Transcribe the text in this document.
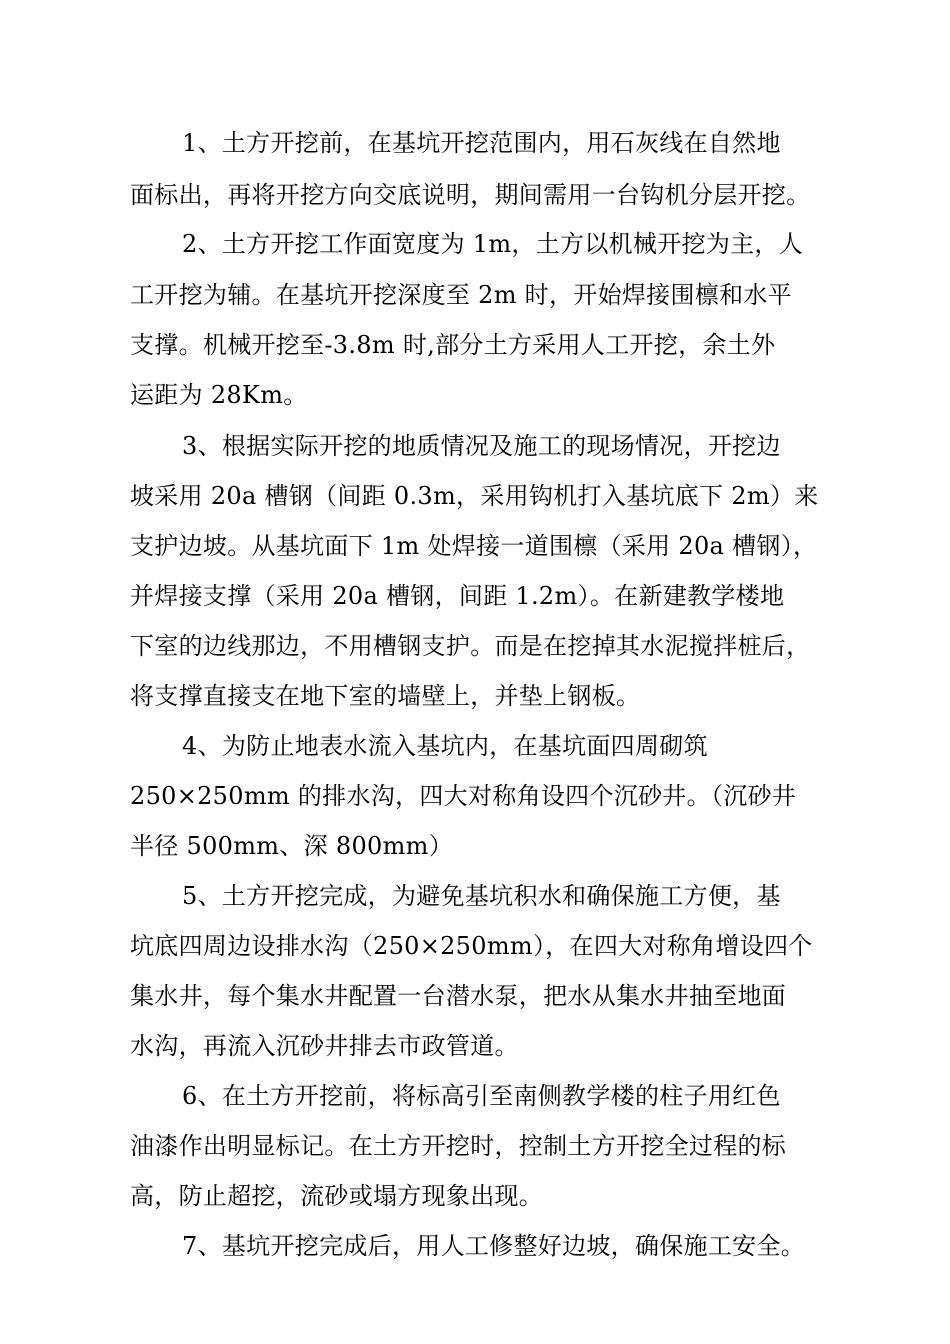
1、土方开挖前，在基坑开挖范围内，用石灰线在自然地
面标出，再将开挖方向交底说明，期间需用一台钩机分层开挖。
2、土方开挖工作面宽度为 1m，土方以机械开挖为主，人
工开挖为辅。在基坑开挖深度至 2m 时，开始焊接围檩和水平
支撑。机械开挖至-3.8m 时,部分土方采用人工开挖，余土外
运距为 28Km。
3、根据实际开挖的地质情况及施工的现场情况，开挖边
坡采用 20a 槽钢（间距 0.3m，采用钩机打入基坑底下 2m）来
支护边坡。从基坑面下 1m 处焊接一道围檩（采用 20a 槽钢），
并焊接支撑（采用 20a 槽钢，间距 1.2m）。在新建教学楼地
下室的边线那边，不用槽钢支护。而是在挖掉其水泥搅拌桩后，
将支撑直接支在地下室的墙壁上，并垫上钢板。
4、为防止地表水流入基坑内，在基坑面四周砌筑
250×250mm 的排水沟，四大对称角设四个沉砂井。（沉砂井
半径 500mm、深 800mm）
5、土方开挖完成，为避免基坑积水和确保施工方便，基
坑底四周边设排水沟（250×250mm），在四大对称角增设四个
集水井，每个集水井配置一台潜水泵，把水从集水井抽至地面
水沟，再流入沉砂井排去市政管道。
6、在土方开挖前，将标高引至南侧教学楼的柱子用红色
油漆作出明显标记。在土方开挖时，控制土方开挖全过程的标
高，防止超挖，流砂或塌方现象出现。
7、基坑开挖完成后，用人工修整好边坡，确保施工安全。
